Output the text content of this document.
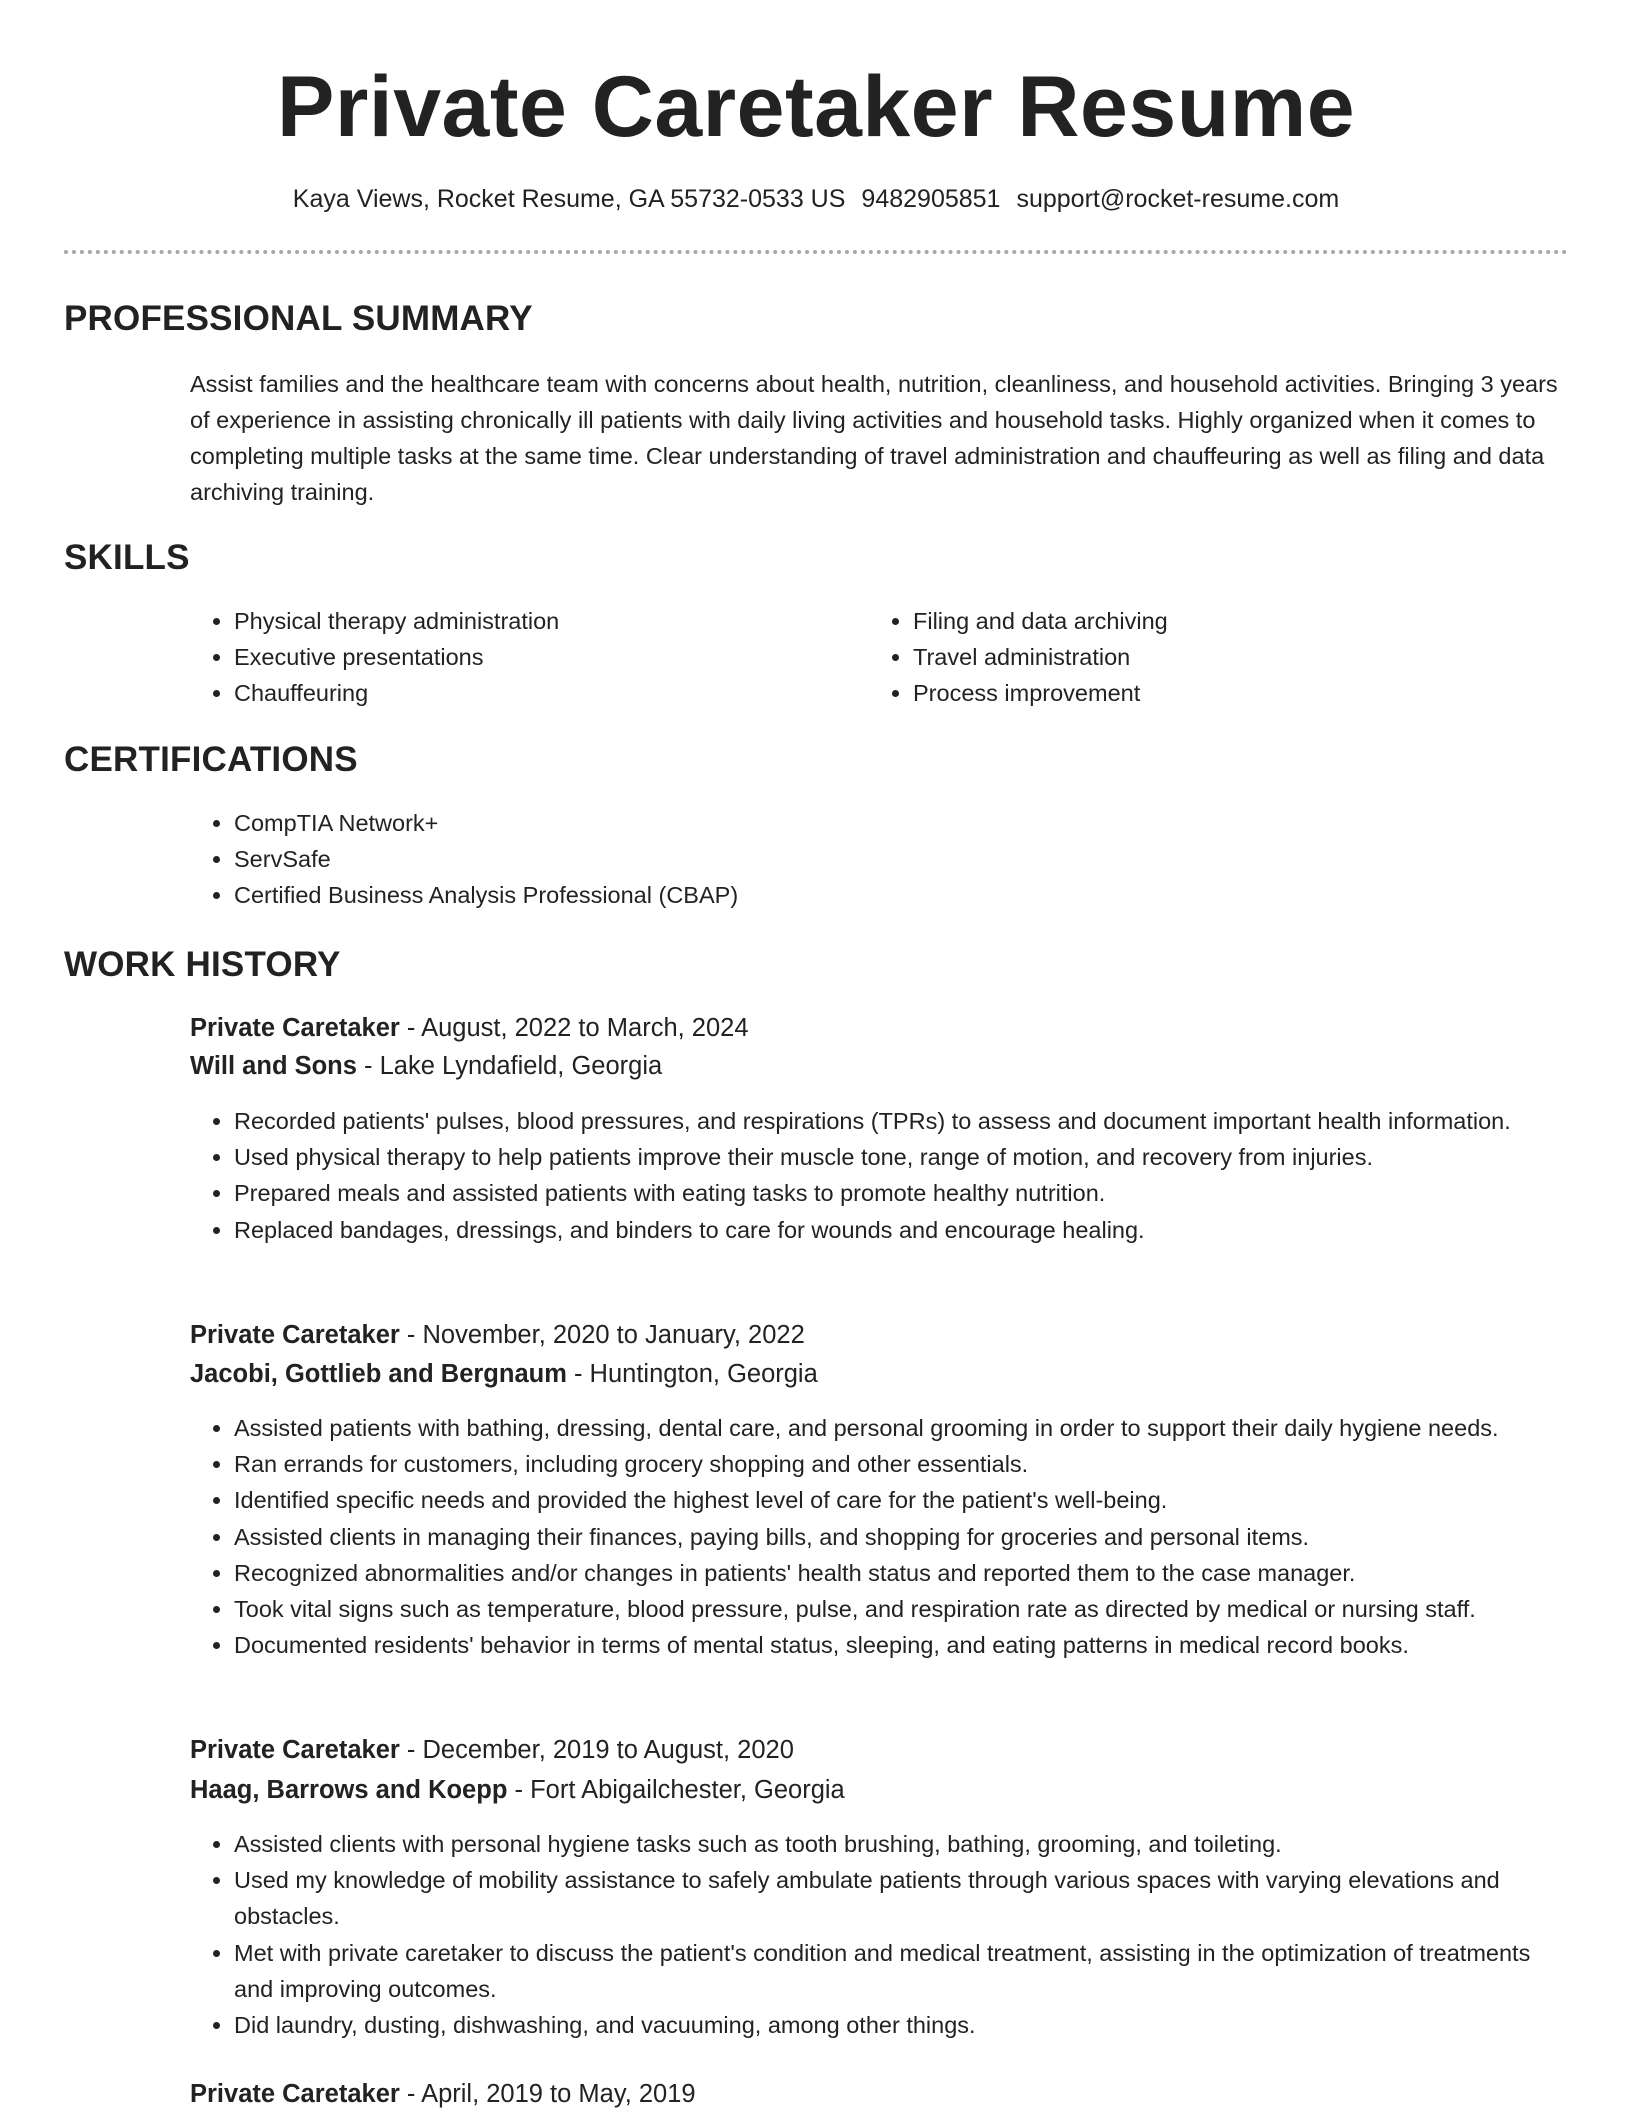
Private Caretaker Resume
Kaya Views, Rocket Resume, GA 55732-0533 US 9482905851 support@rocket-resume.com
PROFESSIONAL SUMMARY
Assist families and the healthcare team with concerns about health, nutrition, cleanliness, and household activities. Bringing 3 years of experience in assisting chronically ill patients with daily living activities and household tasks. Highly organized when it comes to completing multiple tasks at the same time. Clear understanding of travel administration and chauffeuring as well as filing and data archiving training.
SKILLS
• Physical therapy administration
• Executive presentations
• Chauffeuring
• Filing and data archiving
• Travel administration
• Process improvement
CERTIFICATIONS
• CompTIA Network+
• ServSafe
• Certified Business Analysis Professional (CBAP)
WORK HISTORY
Private Caretaker - August, 2022 to March, 2024
Will and Sons - Lake Lyndafield, Georgia
• Recorded patients' pulses, blood pressures, and respirations (TPRs) to assess and document important health information.
• Used physical therapy to help patients improve their muscle tone, range of motion, and recovery from injuries.
• Prepared meals and assisted patients with eating tasks to promote healthy nutrition.
• Replaced bandages, dressings, and binders to care for wounds and encourage healing.
Private Caretaker - November, 2020 to January, 2022
Jacobi, Gottlieb and Bergnaum - Huntington, Georgia
• Assisted patients with bathing, dressing, dental care, and personal grooming in order to support their daily hygiene needs.
• Ran errands for customers, including grocery shopping and other essentials.
• Identified specific needs and provided the highest level of care for the patient's well-being.
• Assisted clients in managing their finances, paying bills, and shopping for groceries and personal items.
• Recognized abnormalities and/or changes in patients' health status and reported them to the case manager.
• Took vital signs such as temperature, blood pressure, pulse, and respiration rate as directed by medical or nursing staff.
• Documented residents' behavior in terms of mental status, sleeping, and eating patterns in medical record books.
Private Caretaker - December, 2019 to August, 2020
Haag, Barrows and Koepp - Fort Abigailchester, Georgia
• Assisted clients with personal hygiene tasks such as tooth brushing, bathing, grooming, and toileting.
• Used my knowledge of mobility assistance to safely ambulate patients through various spaces with varying elevations and obstacles.
• Met with private caretaker to discuss the patient's condition and medical treatment, assisting in the optimization of treatments and improving outcomes.
• Did laundry, dusting, dishwashing, and vacuuming, among other things.
Private Caretaker - April, 2019 to May, 2019
